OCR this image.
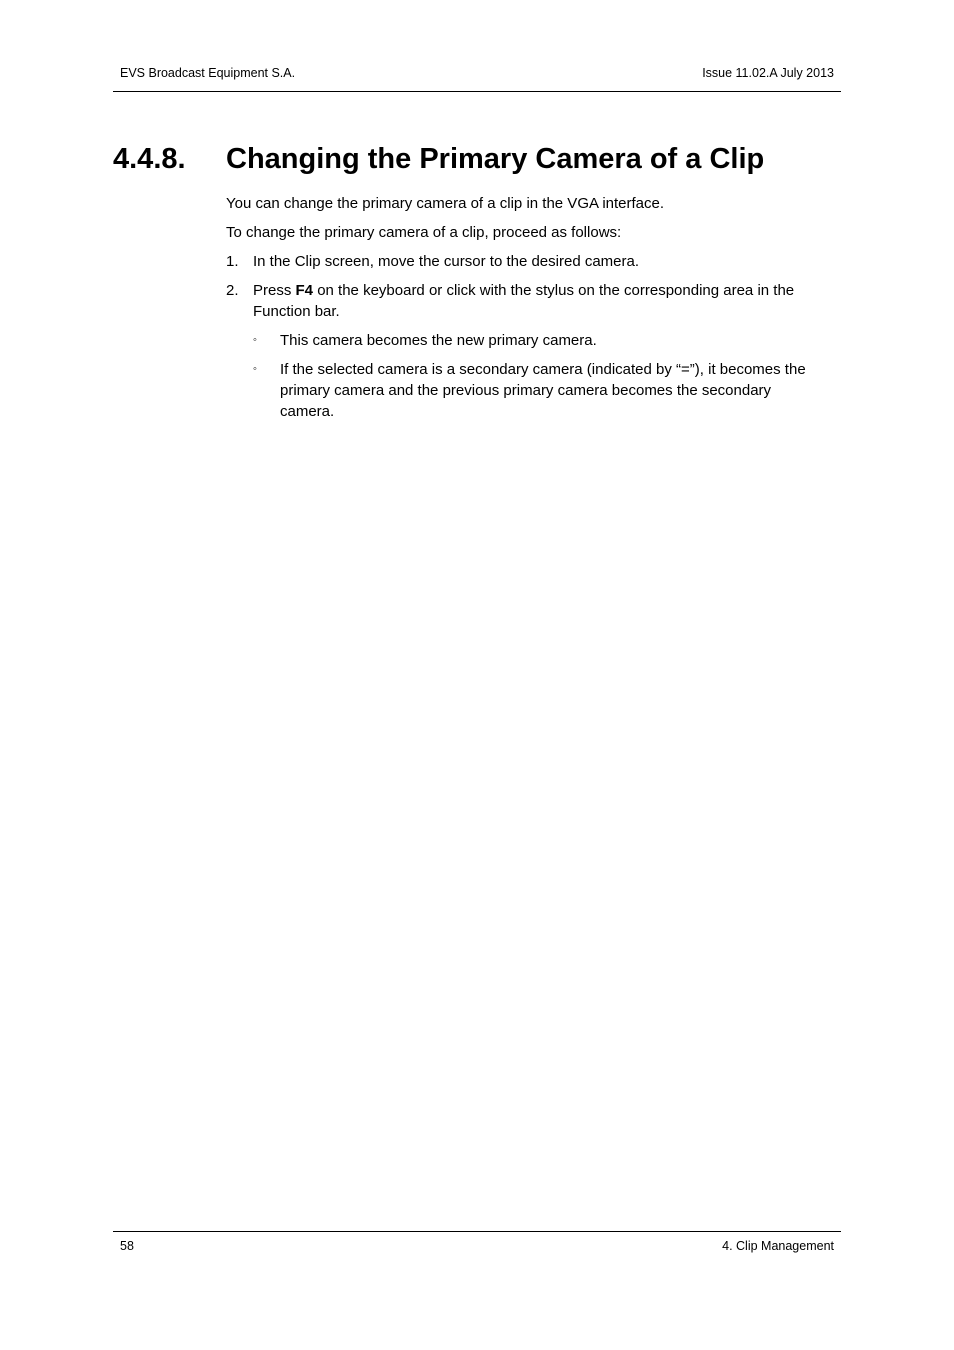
EVS Broadcast Equipment S.A.	Issue 11.02.A July 2013
4.4.8. Changing the Primary Camera of a Clip

You can change the primary camera of a clip in the VGA interface.

To change the primary camera of a clip, proceed as follows:

1. In the Clip screen, move the cursor to the desired camera.
2. Press F4 on the keyboard or click with the stylus on the corresponding area in the Function bar.
◦ This camera becomes the new primary camera.
◦ If the selected camera is a secondary camera (indicated by “=”), it becomes the primary camera and the previous primary camera becomes the secondary camera.
58	4. Clip Management
